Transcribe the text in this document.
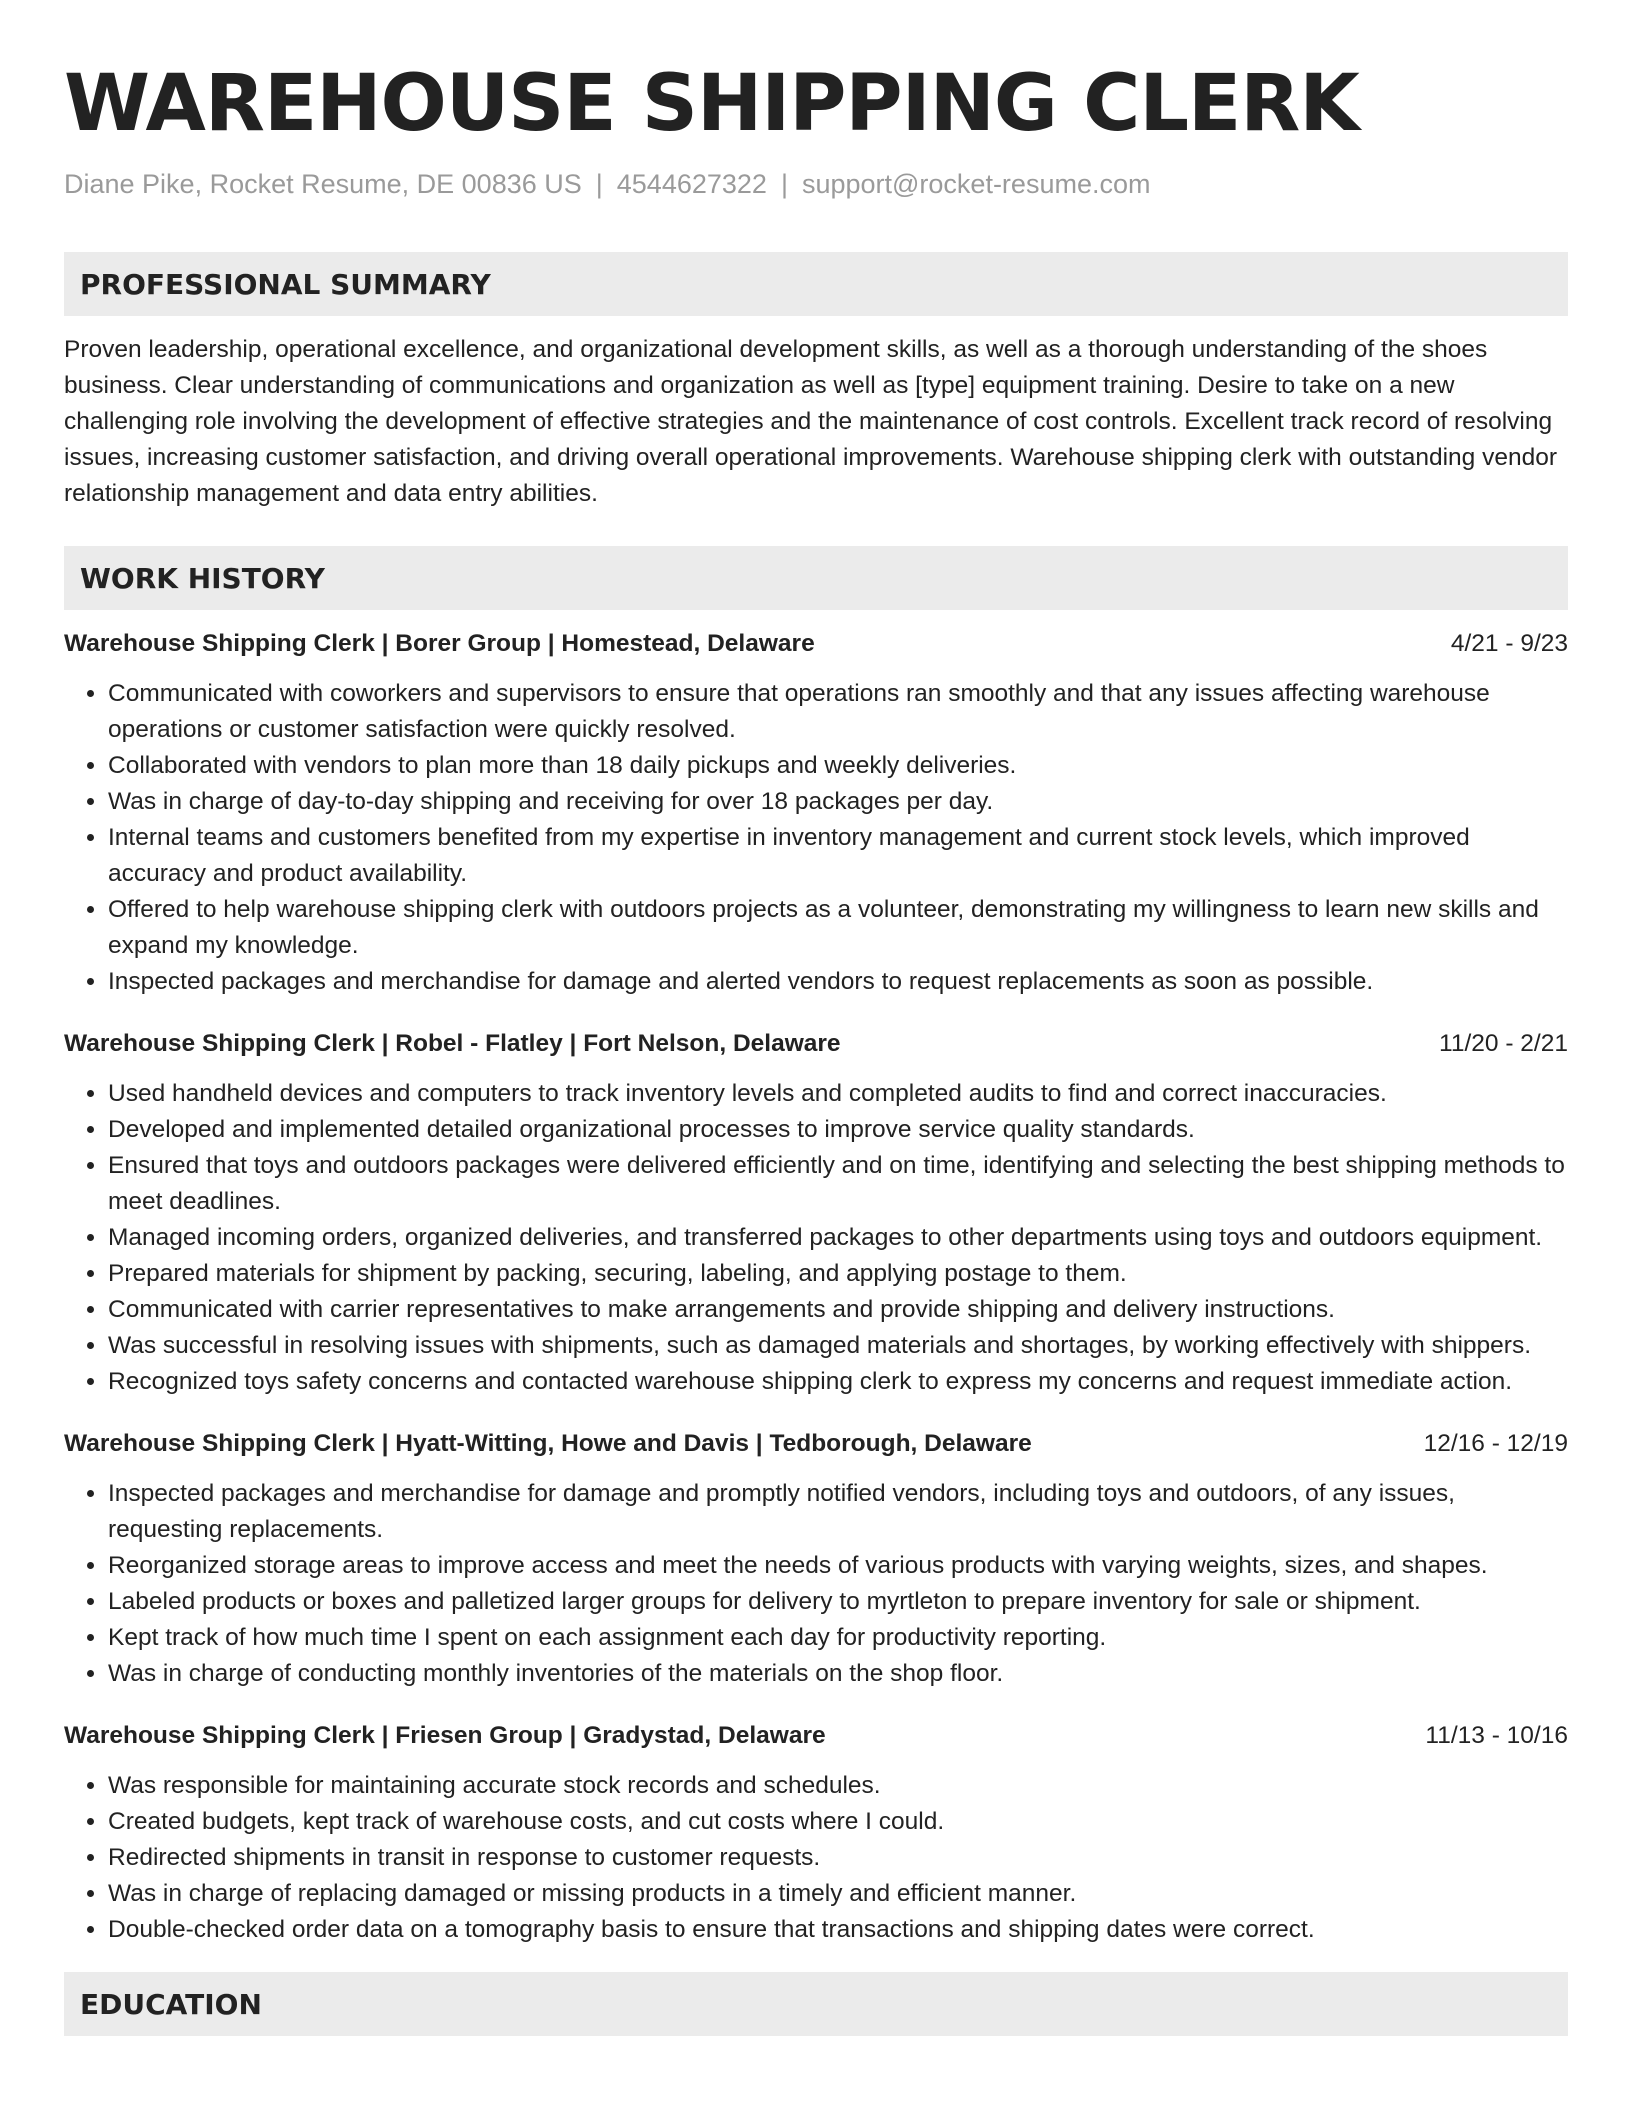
WAREHOUSE SHIPPING CLERK
Diane Pike, Rocket Resume, DE 00836 US | 4544627322 | support@rocket-resume.com
PROFESSIONAL SUMMARY
Proven leadership, operational excellence, and organizational development skills, as well as a thorough understanding of the shoes business. Clear understanding of communications and organization as well as [type] equipment training. Desire to take on a new challenging role involving the development of effective strategies and the maintenance of cost controls. Excellent track record of resolving issues, increasing customer satisfaction, and driving overall operational improvements. Warehouse shipping clerk with outstanding vendor relationship management and data entry abilities.
WORK HISTORY
Warehouse Shipping Clerk | Borer Group | Homestead, Delaware	4/21 - 9/23
• Communicated with coworkers and supervisors to ensure that operations ran smoothly and that any issues affecting warehouse operations or customer satisfaction were quickly resolved.
• Collaborated with vendors to plan more than 18 daily pickups and weekly deliveries.
• Was in charge of day-to-day shipping and receiving for over 18 packages per day.
• Internal teams and customers benefited from my expertise in inventory management and current stock levels, which improved accuracy and product availability.
• Offered to help warehouse shipping clerk with outdoors projects as a volunteer, demonstrating my willingness to learn new skills and expand my knowledge.
• Inspected packages and merchandise for damage and alerted vendors to request replacements as soon as possible.
Warehouse Shipping Clerk | Robel - Flatley | Fort Nelson, Delaware	11/20 - 2/21
• Used handheld devices and computers to track inventory levels and completed audits to find and correct inaccuracies.
• Developed and implemented detailed organizational processes to improve service quality standards.
• Ensured that toys and outdoors packages were delivered efficiently and on time, identifying and selecting the best shipping methods to meet deadlines.
• Managed incoming orders, organized deliveries, and transferred packages to other departments using toys and outdoors equipment.
• Prepared materials for shipment by packing, securing, labeling, and applying postage to them.
• Communicated with carrier representatives to make arrangements and provide shipping and delivery instructions.
• Was successful in resolving issues with shipments, such as damaged materials and shortages, by working effectively with shippers.
• Recognized toys safety concerns and contacted warehouse shipping clerk to express my concerns and request immediate action.
Warehouse Shipping Clerk | Hyatt-Witting, Howe and Davis | Tedborough, Delaware	12/16 - 12/19
• Inspected packages and merchandise for damage and promptly notified vendors, including toys and outdoors, of any issues, requesting replacements.
• Reorganized storage areas to improve access and meet the needs of various products with varying weights, sizes, and shapes.
• Labeled products or boxes and palletized larger groups for delivery to myrtleton to prepare inventory for sale or shipment.
• Kept track of how much time I spent on each assignment each day for productivity reporting.
• Was in charge of conducting monthly inventories of the materials on the shop floor.
Warehouse Shipping Clerk | Friesen Group | Gradystad, Delaware	11/13 - 10/16
• Was responsible for maintaining accurate stock records and schedules.
• Created budgets, kept track of warehouse costs, and cut costs where I could.
• Redirected shipments in transit in response to customer requests.
• Was in charge of replacing damaged or missing products in a timely and efficient manner.
• Double-checked order data on a tomography basis to ensure that transactions and shipping dates were correct.
EDUCATION
